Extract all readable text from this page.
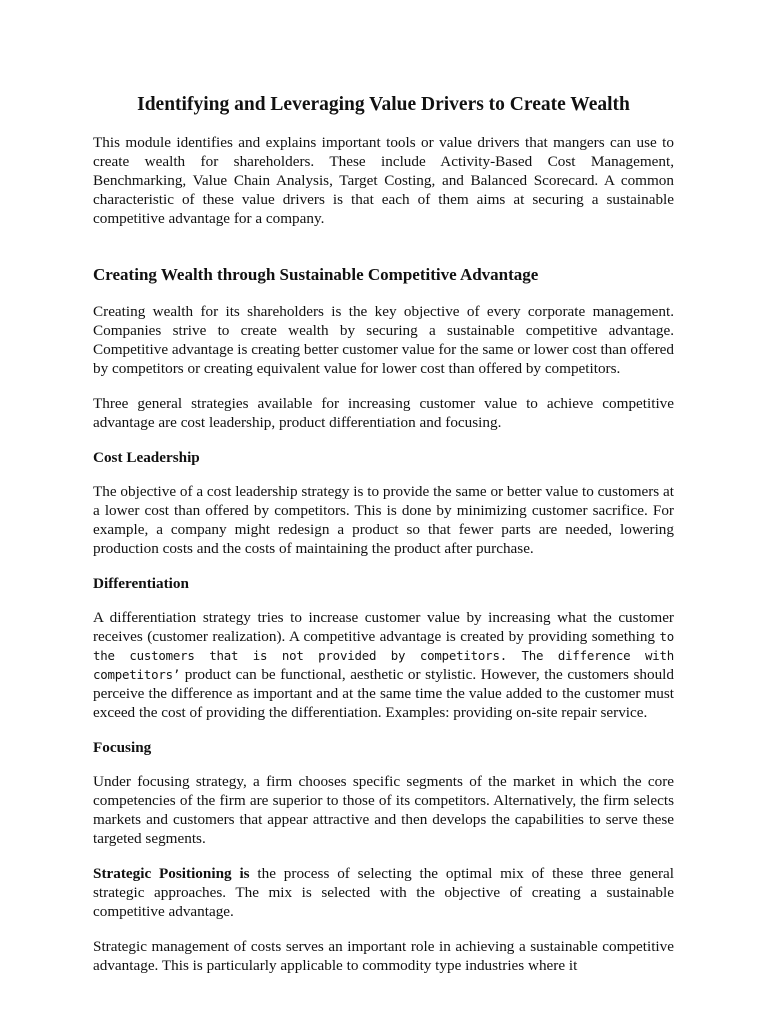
Identifying and Leveraging Value Drivers to Create Wealth

This module identifies and explains important tools or value drivers that mangers can use to create wealth for shareholders. These include Activity-Based Cost Management, Benchmarking, Value Chain Analysis, Target Costing, and Balanced Scorecard. A common characteristic of these value drivers is that each of them aims at securing a sustainable competitive advantage for a company.

Creating Wealth through Sustainable Competitive Advantage

Creating wealth for its shareholders is the key objective of every corporate management. Companies strive to create wealth by securing a sustainable competitive advantage. Competitive advantage is creating better customer value for the same or lower cost than offered by competitors or creating equivalent value for lower cost than offered by competitors.

Three general strategies available for increasing customer value to achieve competitive advantage are cost leadership, product differentiation and focusing.

Cost Leadership

The objective of a cost leadership strategy is to provide the same or better value to customers at a lower cost than offered by competitors. This is done by minimizing customer sacrifice. For example, a company might redesign a product so that fewer parts are needed, lowering production costs and the costs of maintaining the product after purchase.

Differentiation

A differentiation strategy tries to increase customer value by increasing what the customer receives (customer realization). A competitive advantage is created by providing something to the customers that is not provided by competitors. The difference with competitors’ product can be functional, aesthetic or stylistic. However, the customers should perceive the difference as important and at the same time the value added to the customer must exceed the cost of providing the differentiation. Examples: providing on-site repair service.

Focusing

Under focusing strategy, a firm chooses specific segments of the market in which the core competencies of the firm are superior to those of its competitors. Alternatively, the firm selects markets and customers that appear attractive and then develops the capabilities to serve these targeted segments.

Strategic Positioning is the process of selecting the optimal mix of these three general strategic approaches. The mix is selected with the objective of creating a sustainable competitive advantage.

Strategic management of costs serves an important role in achieving a sustainable competitive advantage. This is particularly applicable to commodity type industries where it
